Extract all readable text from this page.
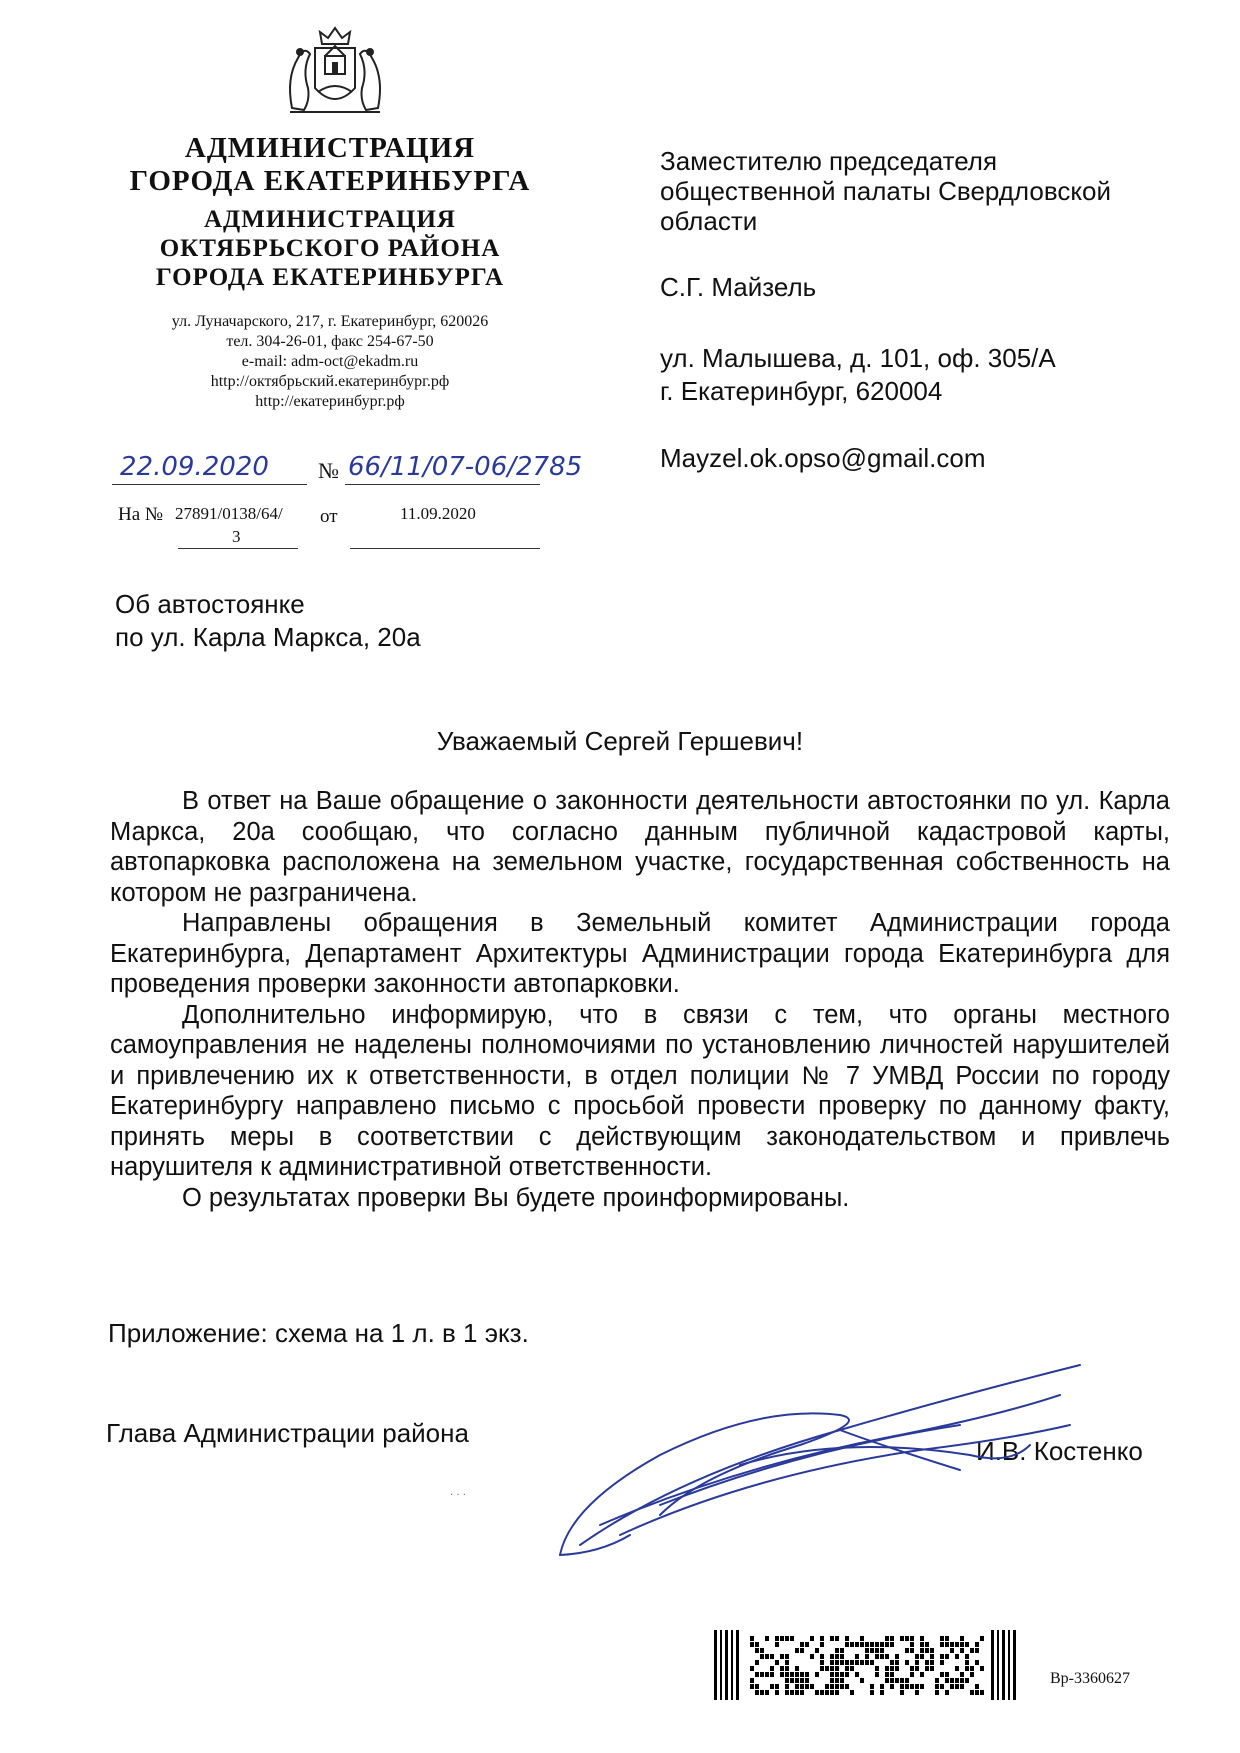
АДМИНИСТРАЦИЯ
ГОРОДА ЕКАТЕРИНБУРГА
АДМИНИСТРАЦИЯ
ОКТЯБРЬСКОГО РАЙОНА
ГОРОДА ЕКАТЕРИНБУРГА
ул. Луначарского, 217, г. Екатеринбург, 620026
тел. 304-26-01, факс 254-67-50
e-mail: adm-oct@ekadm.ru
http://октябрьский.екатеринбург.рф
http://екатеринбург.рф
22.09.2020 № 66/11/07-06/2785
На № 27891/0138/64/
3
от	11.09.2020
Заместителю председателя
общественной палаты Свердловской
области
С.Г. Майзель
ул. Малышева, д. 101, оф. 305/А
г. Екатеринбург, 620004
Mayzel.ok.opso@gmail.com
Об автостоянке
по ул. Карла Маркса, 20а
Уважаемый Сергей Гершевич!

В ответ на Ваше обращение о законности деятельности автостоянки по ул. Карла Маркса, 20а сообщаю, что согласно данным публичной кадастровой карты, автопарковка расположена на земельном участке, государственная собственность на котором не разграничена.

Направлены обращения в Земельный комитет Администрации города Екатеринбурга, Департамент Архитектуры Администрации города Екатеринбурга для проведения проверки законности автопарковки.

Дополнительно информирую, что в связи с тем, что органы местного самоуправления не наделены полномочиями по установлению личностей нарушителей и привлечению их к ответственности, в отдел полиции № 7 УМВД России по городу Екатеринбургу направлено письмо с просьбой провести проверку по данному факту, принять меры в соответствии с действующим законодательством и привлечь нарушителя к административной ответственности.

О результатах проверки Вы будете проинформированы.

Приложение: схема на 1 л. в 1 экз.
Глава Администрации района
И.В. Костенко
· · ·
Вр-3360627
